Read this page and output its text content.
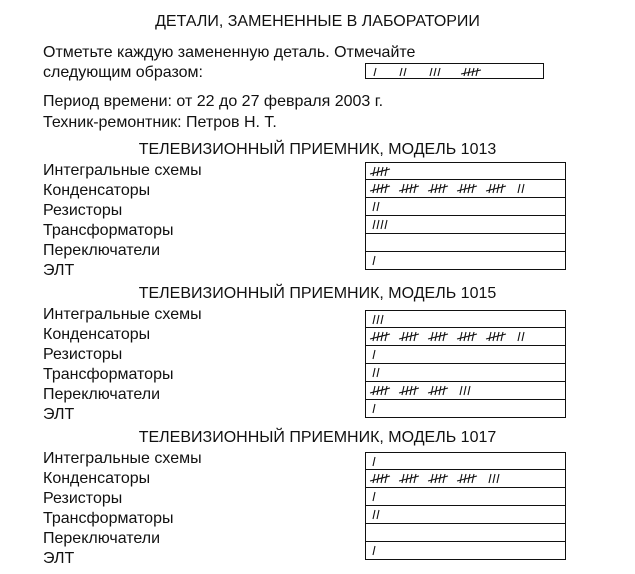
ДЕТАЛИ, ЗАМЕНЕННЫЕ В ЛАБОРАТОРИИ
Отметьте каждую замененную деталь. Отмечайте
следующим образом:
Период времени: от 22 до 27 февраля 2003 г.
Техник-ремонтник: Петров Н. Т.
ТЕЛЕВИЗИОННЫЙ ПРИЕМНИК, МОДЕЛЬ 1013
Интегральные схемы
Конденсаторы
Резисторы
Трансформаторы
Переключатели
ЭЛТ
ТЕЛЕВИЗИОННЫЙ ПРИЕМНИК, МОДЕЛЬ 1015
Интегральные схемы
Конденсаторы
Резисторы
Трансформаторы
Переключатели
ЭЛТ
ТЕЛЕВИЗИОННЫЙ ПРИЕМНИК, МОДЕЛЬ 1017
Интегральные схемы
Конденсаторы
Резисторы
Трансформаторы
Переключатели
ЭЛТ
